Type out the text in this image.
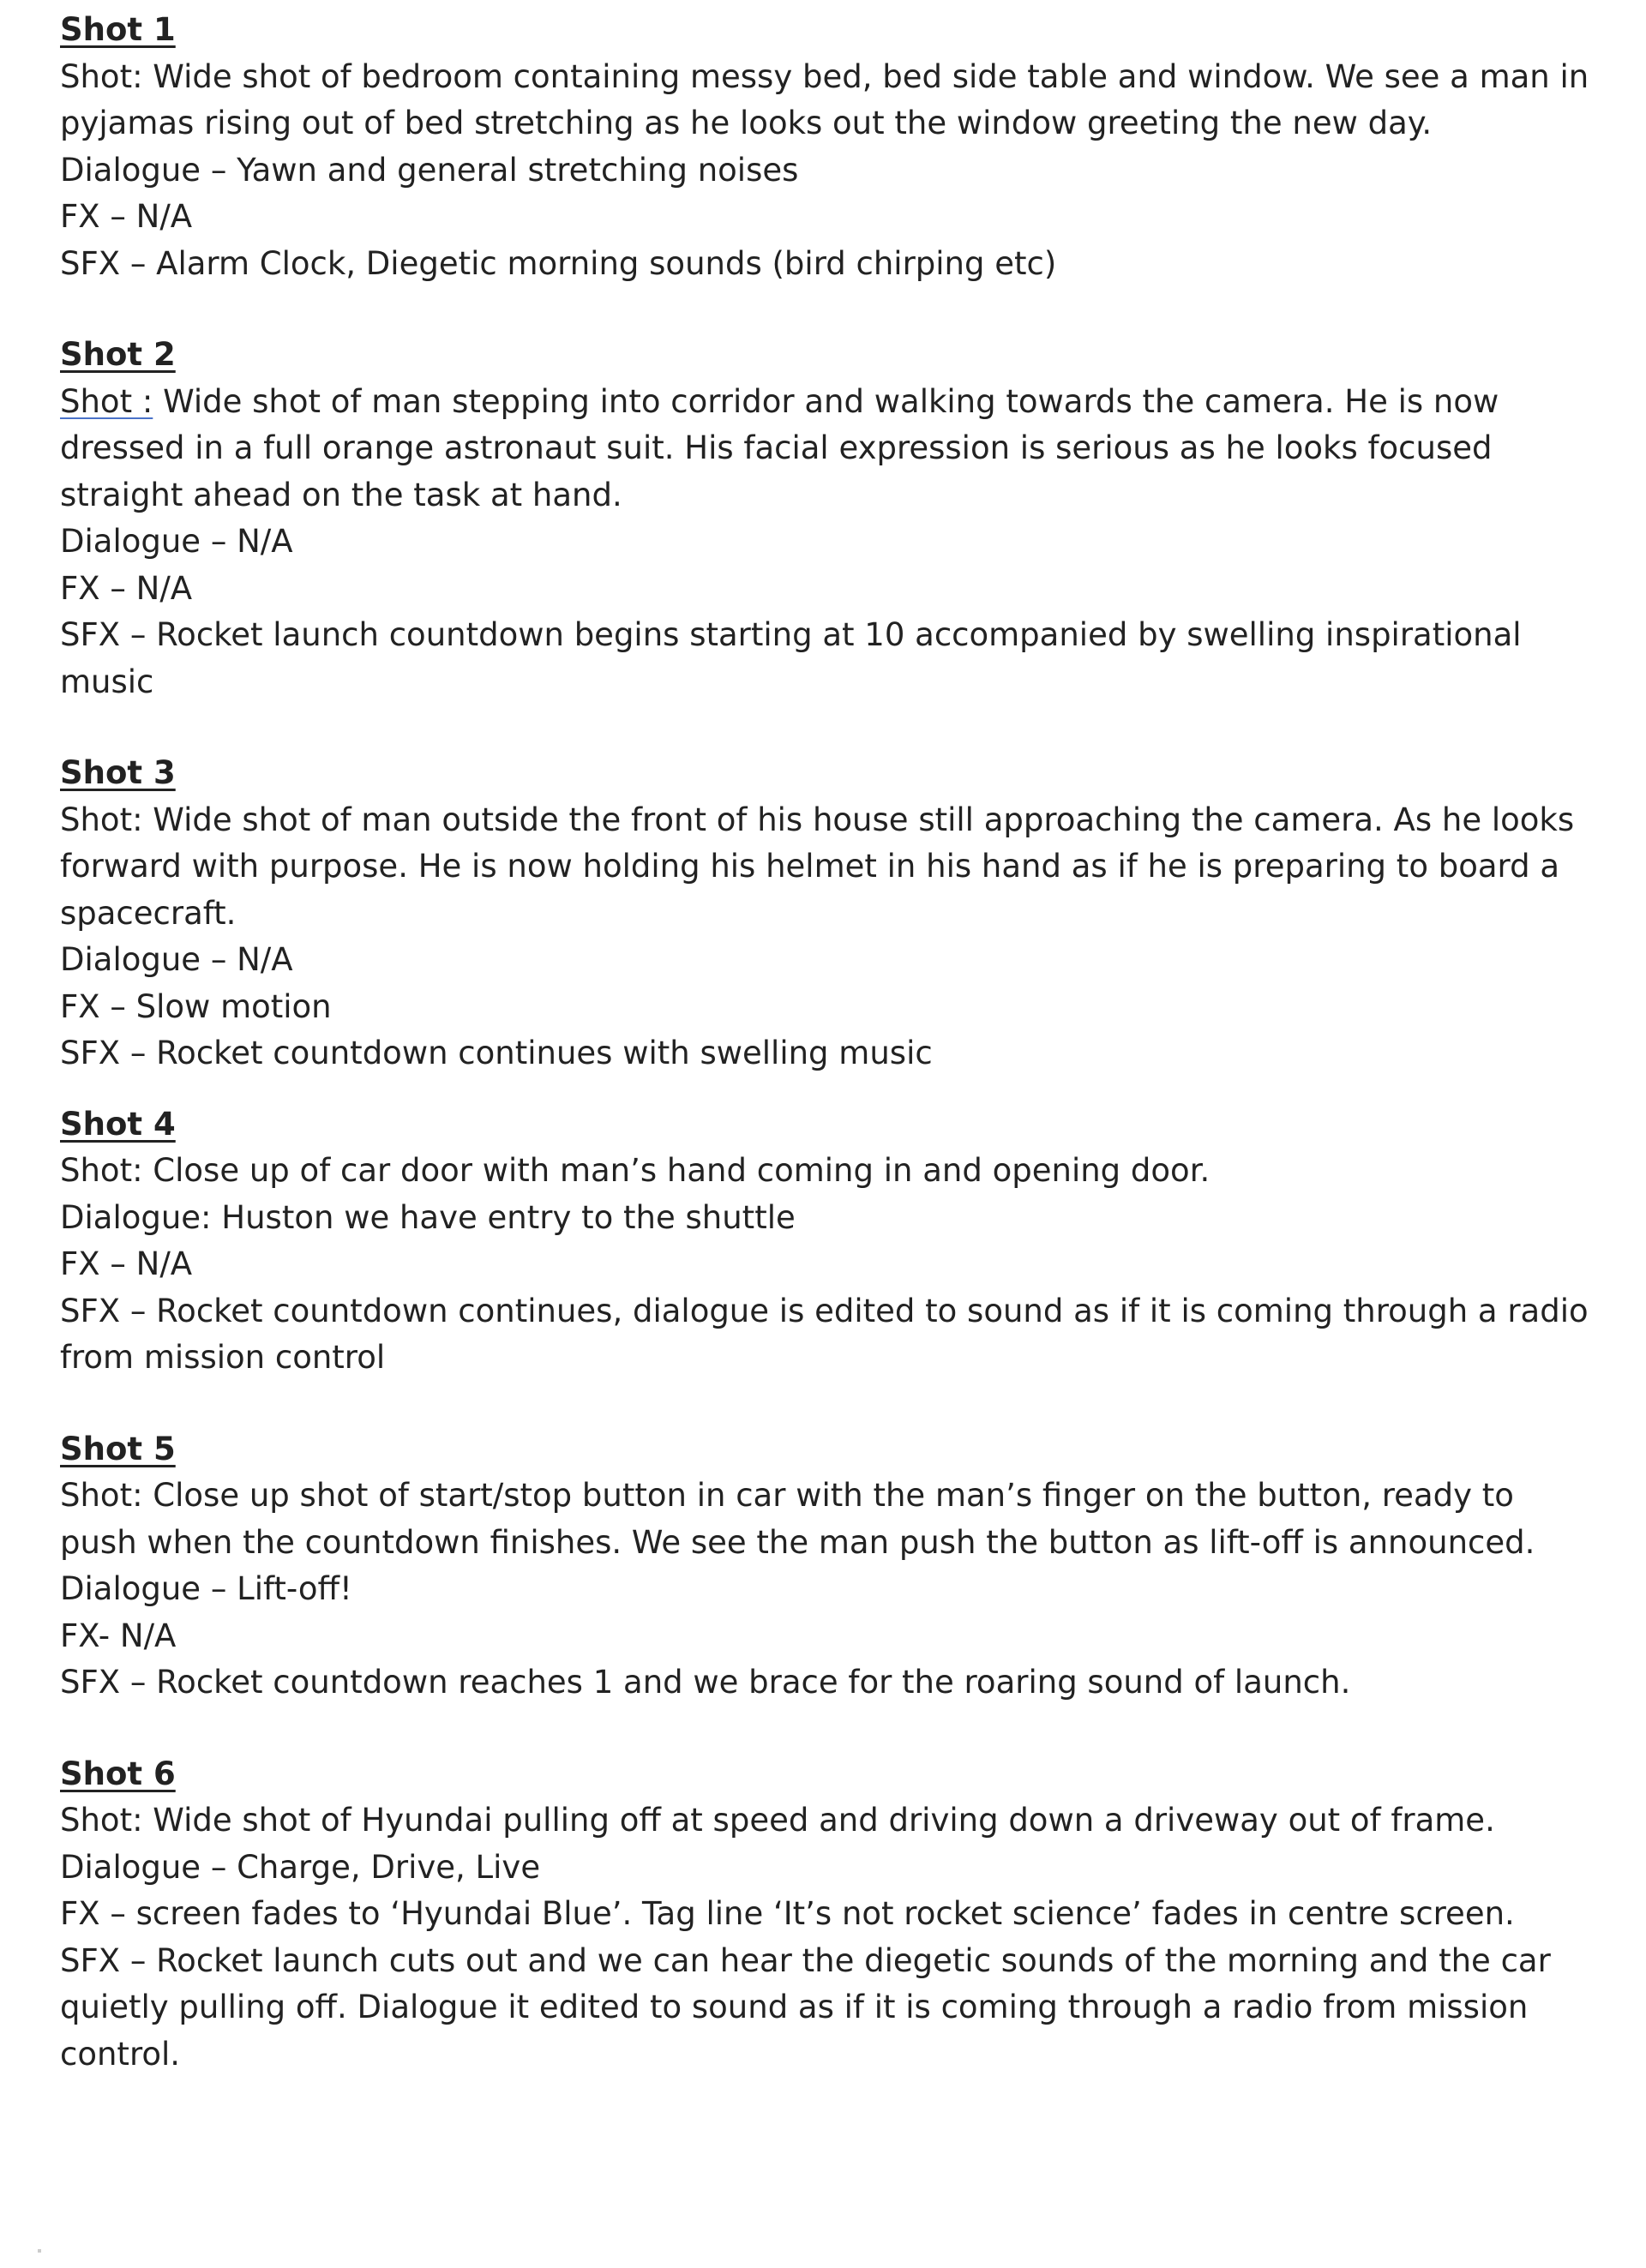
Shot 1
Shot: Wide shot of bedroom containing messy bed, bed side table and window. We see a man in pyjamas rising out of bed stretching as he looks out the window greeting the new day.
Dialogue – Yawn and general stretching noises
FX – N/A
SFX – Alarm Clock, Diegetic morning sounds (bird chirping etc)
Shot 2
Shot : Wide shot of man stepping into corridor and walking towards the camera. He is now dressed in a full orange astronaut suit. His facial expression is serious as he looks focused straight ahead on the task at hand.
Dialogue – N/A
FX – N/A
SFX – Rocket launch countdown begins starting at 10 accompanied by swelling inspirational music
Shot 3
Shot: Wide shot of man outside the front of his house still approaching the camera. As he looks forward with purpose. He is now holding his helmet in his hand as if he is preparing to board a spacecraft.
Dialogue – N/A
FX – Slow motion
SFX – Rocket countdown continues with swelling music
Shot 4
Shot: Close up of car door with man’s hand coming in and opening door.
Dialogue: Huston we have entry to the shuttle
FX – N/A
SFX – Rocket countdown continues, dialogue is edited to sound as if it is coming through a radio from mission control
Shot 5
Shot: Close up shot of start/stop button in car with the man’s finger on the button, ready to push when the countdown finishes. We see the man push the button as lift-off is announced.
Dialogue – Lift-off!
FX- N/A
SFX – Rocket countdown reaches 1 and we brace for the roaring sound of launch.
Shot 6
Shot: Wide shot of Hyundai pulling off at speed and driving down a driveway out of frame.
Dialogue – Charge, Drive, Live
FX – screen fades to ‘Hyundai Blue’. Tag line ‘It’s not rocket science’ fades in centre screen.
SFX – Rocket launch cuts out and we can hear the diegetic sounds of the morning and the car quietly pulling off. Dialogue it edited to sound as if it is coming through a radio from mission control.
